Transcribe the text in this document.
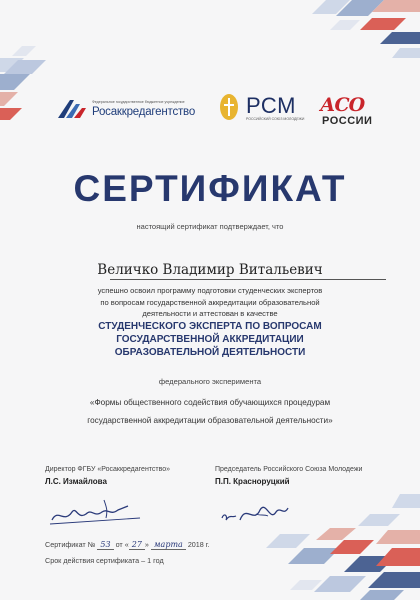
Федеральное государственное бюджетное учреждение
Росаккредагентство РСМ
РОССИЙСКИЙ СОЮЗ МОЛОДЕЖИ
АСО
РОССИИ
СЕРТИФИКАТ
настоящий сертификат подтверждает, что
Величко Владимир Витальевич
успешно освоил программу подготовки студенческих экспертов
по вопросам государственной аккредитации образовательной
деятельности и аттестован в качестве
СТУДЕНЧЕСКОГО ЭКСПЕРТА ПО ВОПРОСАМ
ГОСУДАРСТВЕННОЙ АККРЕДИТАЦИИ
ОБРАЗОВАТЕЛЬНОЙ ДЕЯТЕЛЬНОСТИ
федерального эксперимента
«Формы общественного содействия обучающихся процедурам
государственной аккредитации образовательной деятельности»
Директор ФГБУ «Росаккредагентство»
Л.С. Измайлова
Председатель Российского Союза Молодежи
П.П. Красноруцкий
Сертификат № 53 от « 27 » марта 2018 г.
Срок действия сертификата – 1 год
